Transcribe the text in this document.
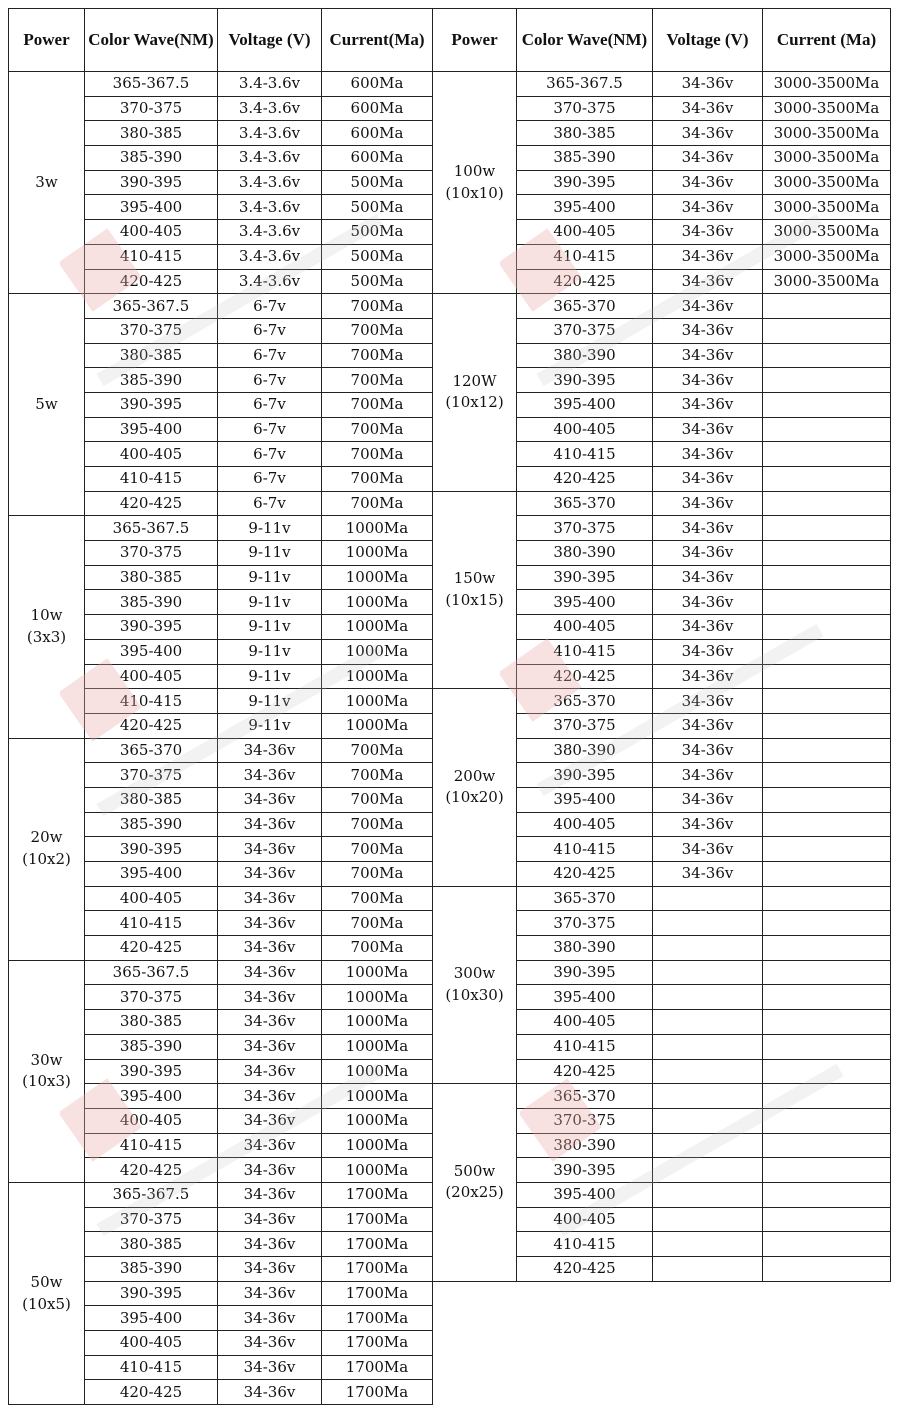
Power	Color Wave(NM)	Voltage (V)	Current(Ma)

3w	365-367.5	3.4-3.6v	600Ma
	370-375	3.4-3.6v	600Ma
	380-385	3.4-3.6v	600Ma
	385-390	3.4-3.6v	600Ma
	390-395	3.4-3.6v	500Ma
	395-400	3.4-3.6v	500Ma
	400-405	3.4-3.6v	500Ma
	410-415	3.4-3.6v	500Ma
	420-425	3.4-3.6v	500Ma

5w	365-367.5	6-7v	700Ma
	370-375	6-7v	700Ma
	380-385	6-7v	700Ma
	385-390	6-7v	700Ma
	390-395	6-7v	700Ma
	395-400	6-7v	700Ma
	400-405	6-7v	700Ma
	410-415	6-7v	700Ma
	420-425	6-7v	700Ma

10w
(3x3)	365-367.5	9-11v	1000Ma
	370-375	9-11v	1000Ma
	380-385	9-11v	1000Ma
	385-390	9-11v	1000Ma
	390-395	9-11v	1000Ma
	395-400	9-11v	1000Ma
	400-405	9-11v	1000Ma
	410-415	9-11v	1000Ma
	420-425	9-11v	1000Ma

20w
(10x2)	365-370	34-36v	700Ma
	370-375	34-36v	700Ma
	380-385	34-36v	700Ma
	385-390	34-36v	700Ma
	390-395	34-36v	700Ma
	395-400	34-36v	700Ma
	400-405	34-36v	700Ma
	410-415	34-36v	700Ma
	420-425	34-36v	700Ma

30w
(10x3)	365-367.5	34-36v	1000Ma
	370-375	34-36v	1000Ma
	380-385	34-36v	1000Ma
	385-390	34-36v	1000Ma
	390-395	34-36v	1000Ma
	395-400	34-36v	1000Ma
	400-405	34-36v	1000Ma
	410-415	34-36v	1000Ma
	420-425	34-36v	1000Ma

50w
(10x5)	365-367.5	34-36v	1700Ma
	370-375	34-36v	1700Ma
	380-385	34-36v	1700Ma
	385-390	34-36v	1700Ma
	390-395	34-36v	1700Ma
	395-400	34-36v	1700Ma
	400-405	34-36v	1700Ma
	410-415	34-36v	1700Ma
	420-425	34-36v	1700Ma
Power	Color Wave(NM)	Voltage (V)	Current (Ma)

100w
(10x10)	365-367.5	34-36v	3000-3500Ma
	370-375	34-36v	3000-3500Ma
	380-385	34-36v	3000-3500Ma
	385-390	34-36v	3000-3500Ma
	390-395	34-36v	3000-3500Ma
	395-400	34-36v	3000-3500Ma
	400-405	34-36v	3000-3500Ma
	410-415	34-36v	3000-3500Ma
	420-425	34-36v	3000-3500Ma

120W
(10x12)	365-370	34-36v	
	370-375	34-36v	
	380-390	34-36v	
	390-395	34-36v	
	395-400	34-36v	
	400-405	34-36v	
	410-415	34-36v	
	420-425	34-36v	

150w
(10x15)	365-370	34-36v	
	370-375	34-36v	
	380-390	34-36v	
	390-395	34-36v	
	395-400	34-36v	
	400-405	34-36v	
	410-415	34-36v	
	420-425	34-36v	

200w
(10x20)	365-370	34-36v	
	370-375	34-36v	
	380-390	34-36v	
	390-395	34-36v	
	395-400	34-36v	
	400-405	34-36v	
	410-415	34-36v	
	420-425	34-36v	

300w
(10x30)	365-370		
	370-375		
	380-390		
	390-395		
	395-400		
	400-405		
	410-415		
	420-425		

500w
(20x25)	365-370		
	370-375		
	380-390		
	390-395		
	395-400		
	400-405		
	410-415		
	420-425		
